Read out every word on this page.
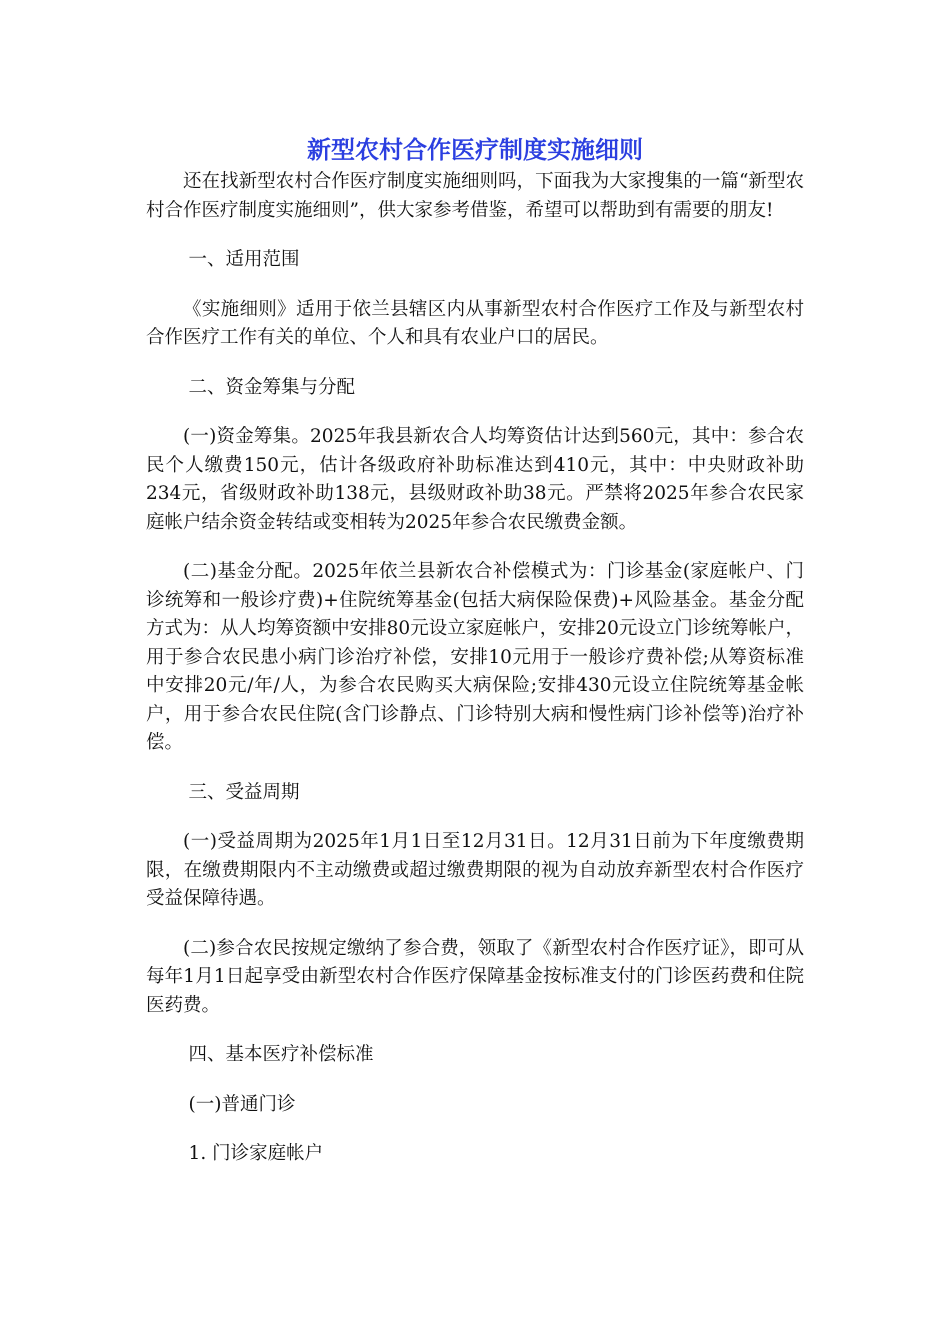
新型农村合作医疗制度实施细则

还在找新型农村合作医疗制度实施细则吗，下面我为大家搜集的一篇“新型农村合作医疗制度实施细则”，供大家参考借鉴，希望可以帮助到有需要的朋友!

一、适用范围

《实施细则》适用于依兰县辖区内从事新型农村合作医疗工作及与新型农村合作医疗工作有关的单位、个人和具有农业户口的居民。

二、资金筹集与分配

(一)资金筹集。2025年我县新农合人均筹资估计达到560元，其中：参合农民个人缴费150元，估计各级政府补助标准达到410元，其中：中央财政补助234元，省级财政补助138元，县级财政补助38元。严禁将2025年参合农民家庭帐户结余资金转结或变相转为2025年参合农民缴费金额。

(二)基金分配。2025年依兰县新农合补偿模式为：门诊基金(家庭帐户、门诊统筹和一般诊疗费)+住院统筹基金(包括大病保险保费)+风险基金。基金分配方式为：从人均筹资额中安排80元设立家庭帐户，安排20元设立门诊统筹帐户，用于参合农民患小病门诊治疗补偿，安排10元用于一般诊疗费补偿;从筹资标准中安排20元/年/人，为参合农民购买大病保险;安排430元设立住院统筹基金帐户，用于参合农民住院(含门诊静点、门诊特别大病和慢性病门诊补偿等)治疗补偿。

三、受益周期

(一)受益周期为2025年1月1日至12月31日。12月31日前为下年度缴费期限，在缴费期限内不主动缴费或超过缴费期限的视为自动放弃新型农村合作医疗受益保障待遇。

(二)参合农民按规定缴纳了参合费，领取了《新型农村合作医疗证》，即可从每年1月1日起享受由新型农村合作医疗保障基金按标准支付的门诊医药费和住院医药费。

四、基本医疗补偿标准

(一)普通门诊

1. 门诊家庭帐户
